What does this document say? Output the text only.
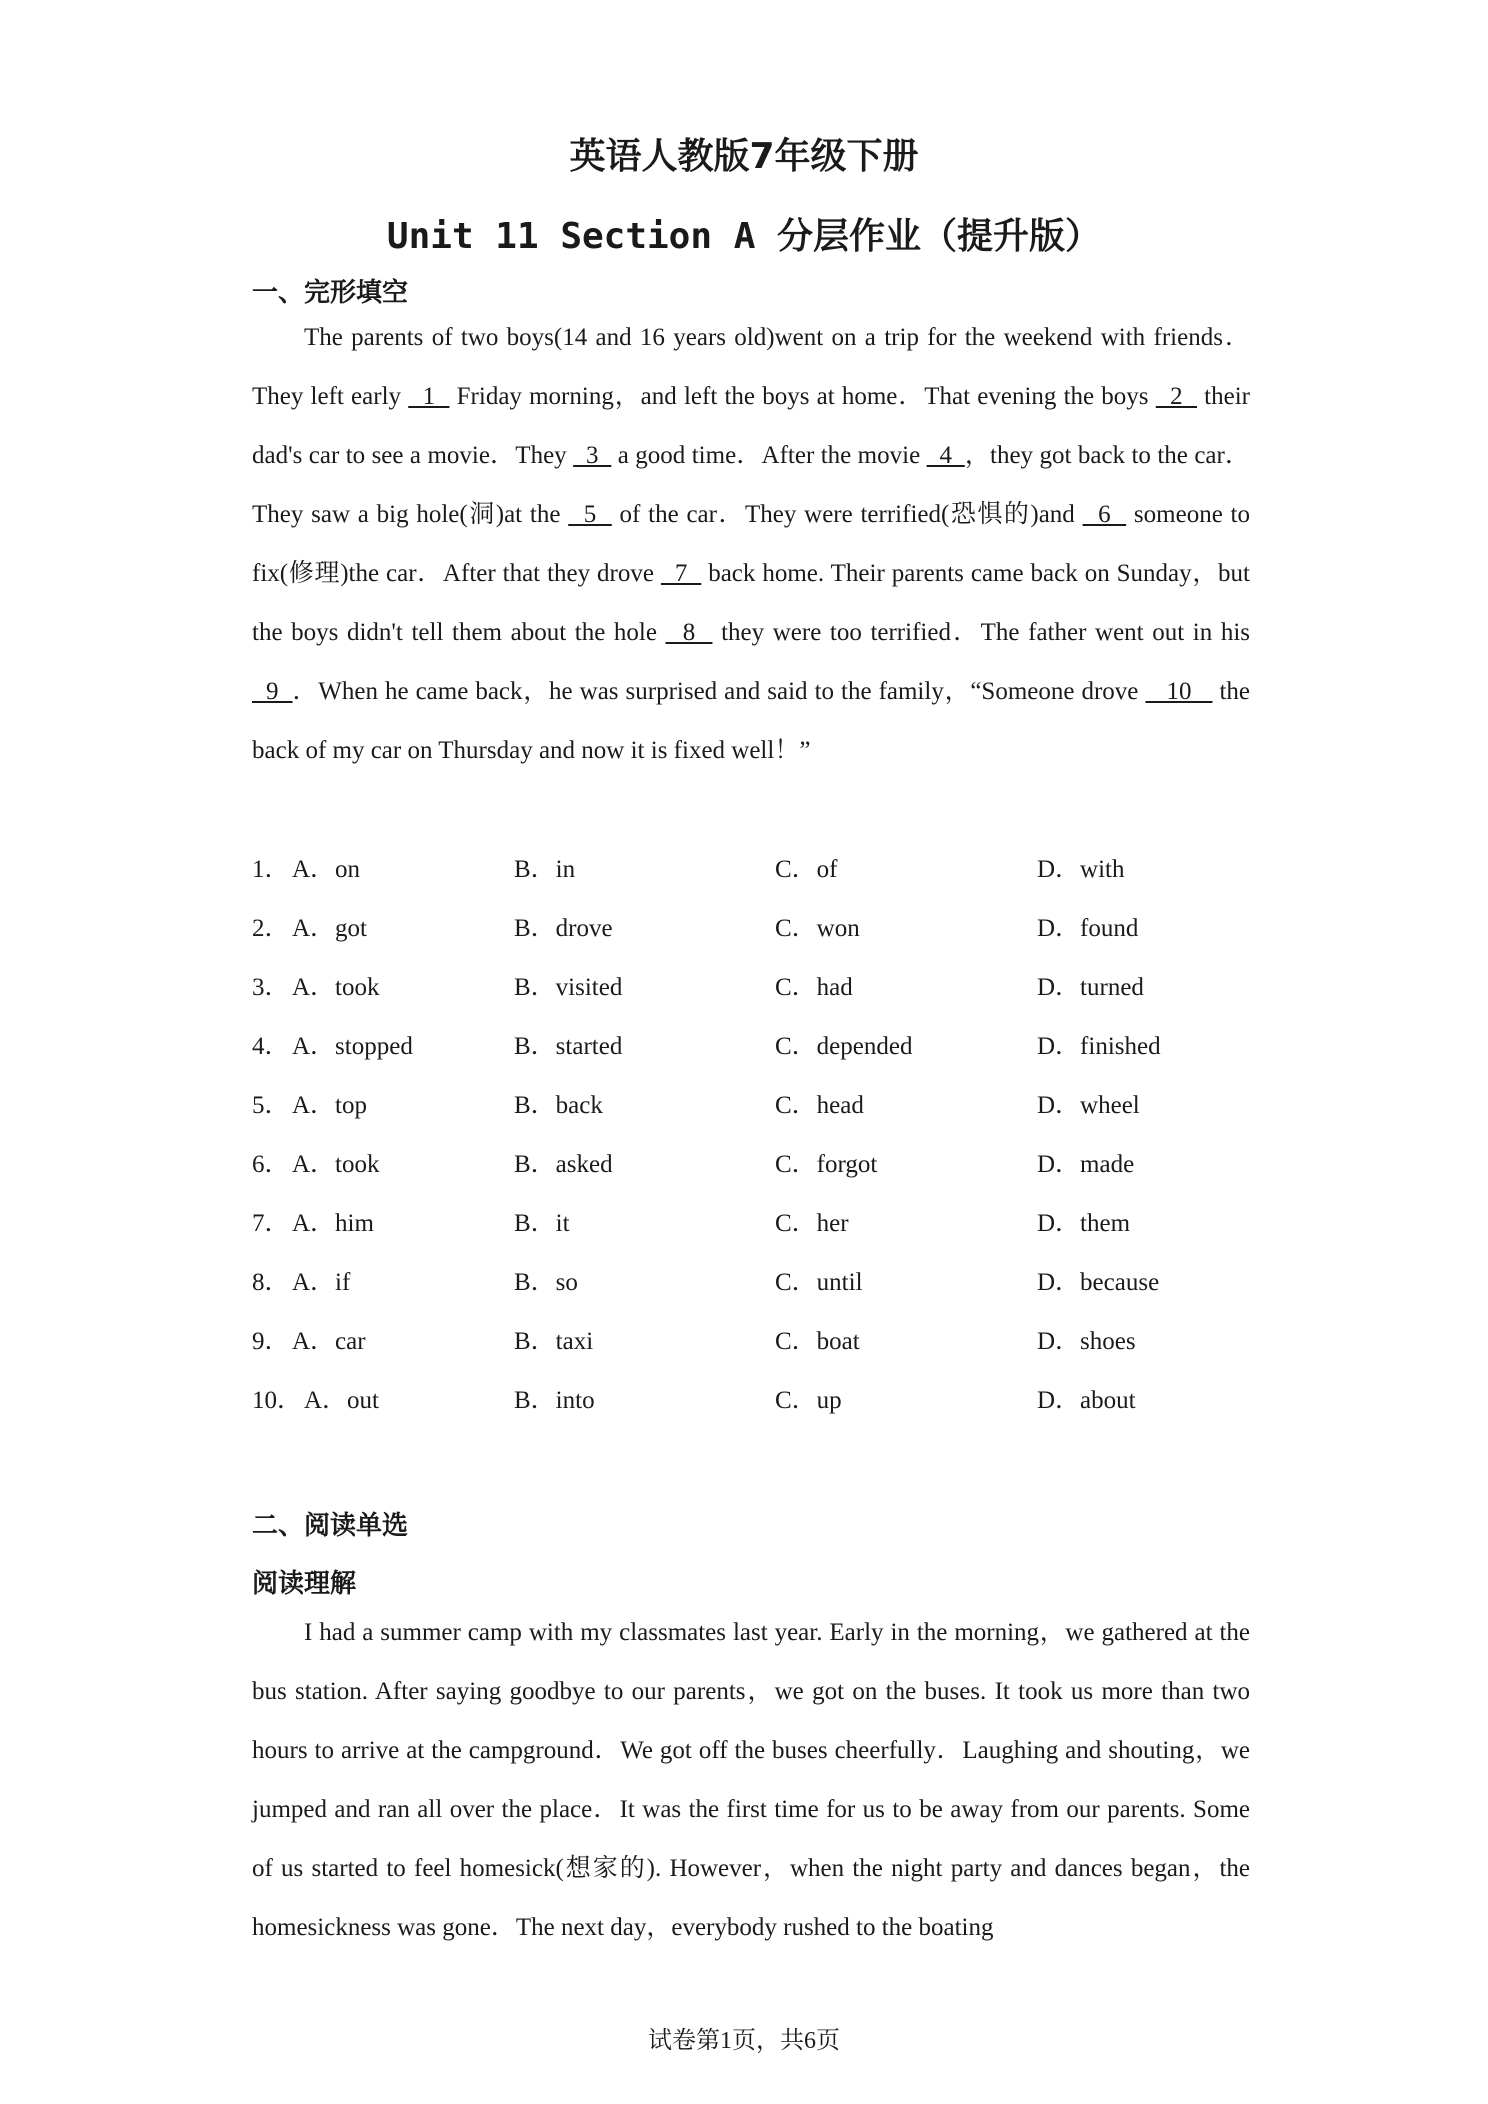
英语人教版7年级下册
Unit 11 Section A 分层作业（提升版）
一、完形填空
The parents of two boys(14 and 16 years old)went on a trip for the weekend with friends．They left early   1   Friday morning，and left the boys at home．That evening the boys   2   their dad's car to see a movie．They   3   a good time．After the movie   4  ，they got back to the car．They saw a big hole(洞)at the   5   of the car．They were terrified(恐惧的)and   6   someone to fix(修理)the car．After that they drove   7   back home. Their parents came back on Sunday，but the boys didn't tell them about the hole   8   they were too terrified．The father went out in his   9  ．When he came back，he was surprised and said to the family，“Someone drove    10    the back of my car on Thursday and now it is fixed well！”
1． A．on	B．in	C．of	D．with
2． A．got	B．drove	C．won	D．found
3． A．took	B．visited	C．had	D．turned
4． A．stopped	B．started	C．depended	D．finished
5． A．top	B．back	C．head	D．wheel
6． A．took	B．asked	C．forgot	D．made
7． A．him	B．it	C．her	D．them
8． A．if	B．so	C．until	D．because
9． A．car	B．taxi	C．boat	D．shoes
10． A．out	B．into	C．up	D．about
二、阅读单选
阅读理解
I had a summer camp with my classmates last year. Early in the morning，we gathered at the bus station. After saying goodbye to our parents，we got on the buses. It took us more than two hours to arrive at the campground．We got off the buses cheerfully．Laughing and shouting，we jumped and ran all over the place．It was the first time for us to be away from our parents. Some of us started to feel homesick(想家的). However，when the night party and dances began，the homesickness was gone．The next day，everybody rushed to the boating
试卷第1页，共6页
